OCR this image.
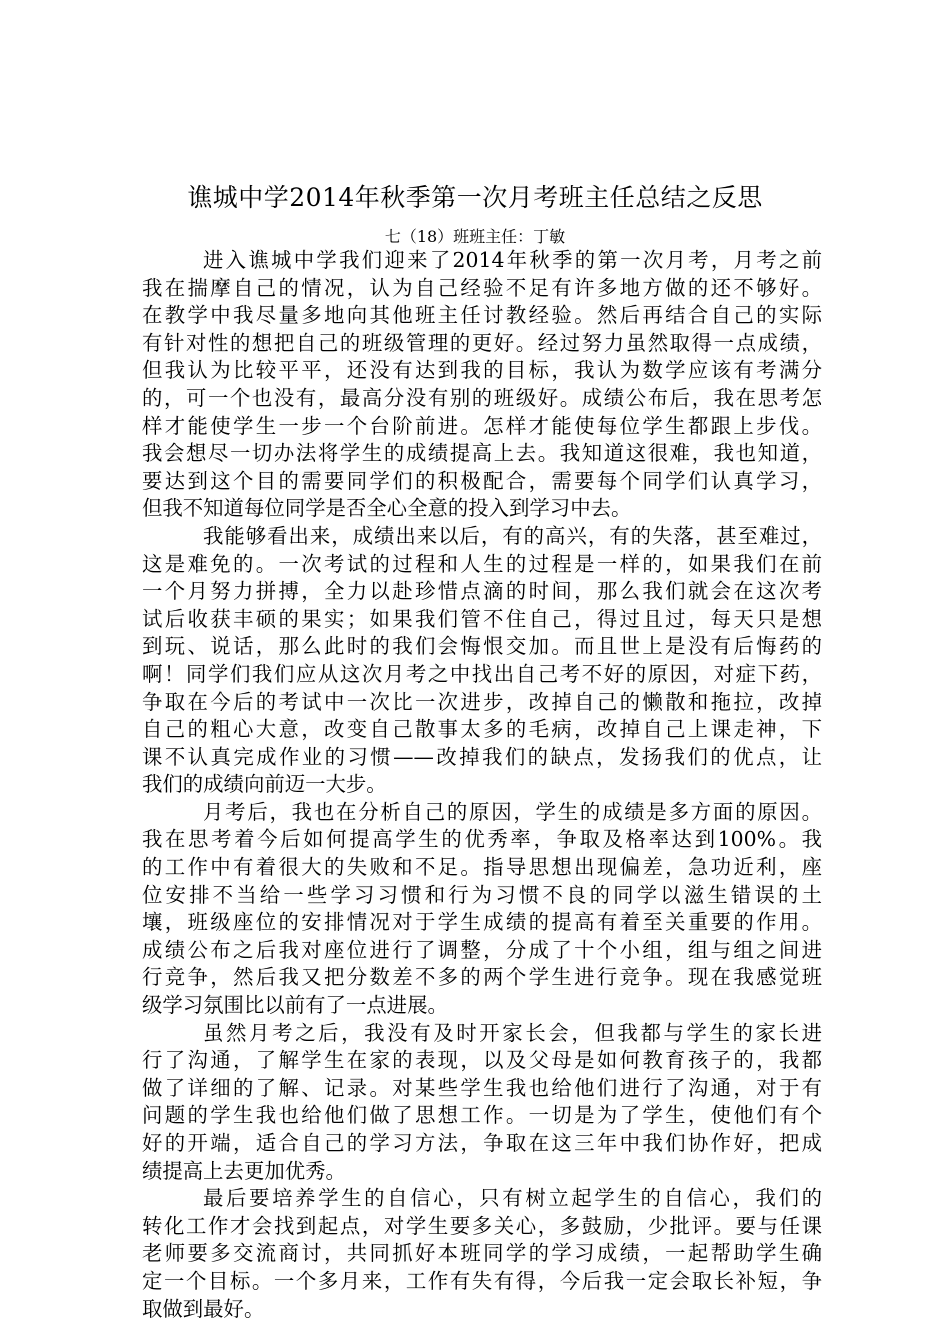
谯城中学2014年秋季第一次月考班主任总结之反思
七（18）班班主任：丁敏
进入谯城中学我们迎来了2014年秋季的第一次月考，月考之前
我在揣摩自己的情况，认为自己经验不足有许多地方做的还不够好。
在教学中我尽量多地向其他班主任讨教经验。然后再结合自己的实际
有针对性的想把自己的班级管理的更好。经过努力虽然取得一点成绩，
但我认为比较平平，还没有达到我的目标，我认为数学应该有考满分
的，可一个也没有，最高分没有别的班级好。成绩公布后，我在思考怎
样才能使学生一步一个台阶前进。怎样才能使每位学生都跟上步伐。
我会想尽一切办法将学生的成绩提高上去。我知道这很难，我也知道，
要达到这个目的需要同学们的积极配合，需要每个同学们认真学习，
但我不知道每位同学是否全心全意的投入到学习中去。
我能够看出来，成绩出来以后，有的高兴，有的失落，甚至难过，
这是难免的。一次考试的过程和人生的过程是一样的，如果我们在前
一个月努力拼搏，全力以赴珍惜点滴的时间，那么我们就会在这次考
试后收获丰硕的果实；如果我们管不住自己，得过且过，每天只是想
到玩、说话，那么此时的我们会悔恨交加。而且世上是没有后悔药的
啊！同学们我们应从这次月考之中找出自己考不好的原因，对症下药，
争取在今后的考试中一次比一次进步，改掉自己的懒散和拖拉，改掉
自己的粗心大意，改变自己散事太多的毛病，改掉自己上课走神，下
课不认真完成作业的习惯——改掉我们的缺点，发扬我们的优点，让
我们的成绩向前迈一大步。
月考后，我也在分析自己的原因，学生的成绩是多方面的原因。
我在思考着今后如何提高学生的优秀率，争取及格率达到100%。我
的工作中有着很大的失败和不足。指导思想出现偏差，急功近利，座
位安排不当给一些学习习惯和行为习惯不良的同学以滋生错误的土
壤，班级座位的安排情况对于学生成绩的提高有着至关重要的作用。
成绩公布之后我对座位进行了调整，分成了十个小组，组与组之间进
行竞争，然后我又把分数差不多的两个学生进行竞争。现在我感觉班
级学习氛围比以前有了一点进展。
虽然月考之后，我没有及时开家长会，但我都与学生的家长进
行了沟通，了解学生在家的表现，以及父母是如何教育孩子的，我都
做了详细的了解、记录。对某些学生我也给他们进行了沟通，对于有
问题的学生我也给他们做了思想工作。一切是为了学生，使他们有个
好的开端，适合自己的学习方法，争取在这三年中我们协作好，把成
绩提高上去更加优秀。
最后要培养学生的自信心，只有树立起学生的自信心，我们的
转化工作才会找到起点，对学生要多关心，多鼓励，少批评。要与任课
老师要多交流商讨，共同抓好本班同学的学习成绩，一起帮助学生确
定一个目标。一个多月来，工作有失有得，今后我一定会取长补短，争
取做到最好。
